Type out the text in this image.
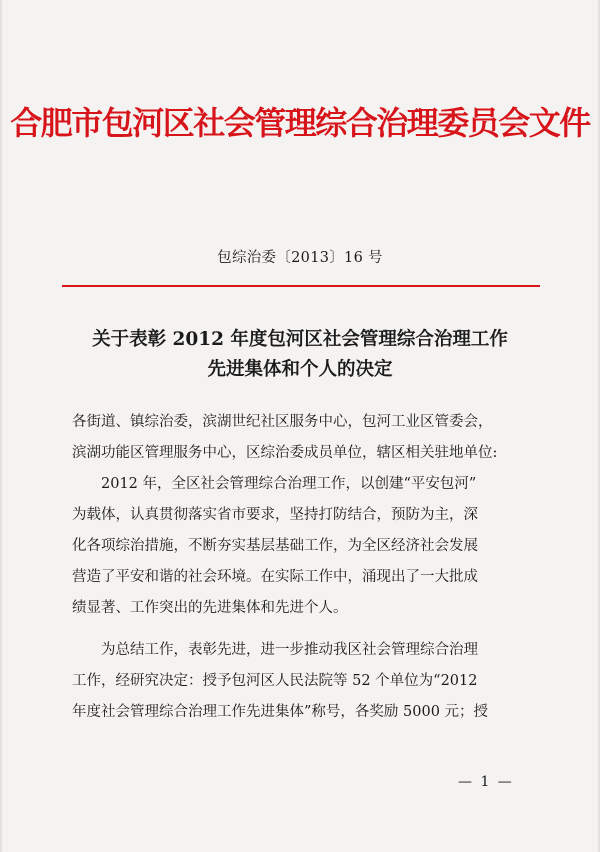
合肥市包河区社会管理综合治理委员会文件
包综治委〔2013〕16 号
关于表彰 2012 年度包河区社会管理综合治理工作
先进集体和个人的决定
各街道、镇综治委，滨湖世纪社区服务中心，包河工业区管委会，
滨湖功能区管理服务中心，区综治委成员单位，辖区相关驻地单位:
2012 年，全区社会管理综合治理工作，以创建“平安包河”
为载体，认真贯彻落实省市要求，坚持打防结合，预防为主，深
化各项综治措施，不断夯实基层基础工作，为全区经济社会发展
营造了平安和谐的社会环境。在实际工作中，涌现出了一大批成
绩显著、工作突出的先进集体和先进个人。
为总结工作，表彰先进，进一步推动我区社会管理综合治理
工作，经研究决定：授予包河区人民法院等 52 个单位为“2012
年度社会管理综合治理工作先进集体”称号，各奖励 5000 元；授
— 1 —
